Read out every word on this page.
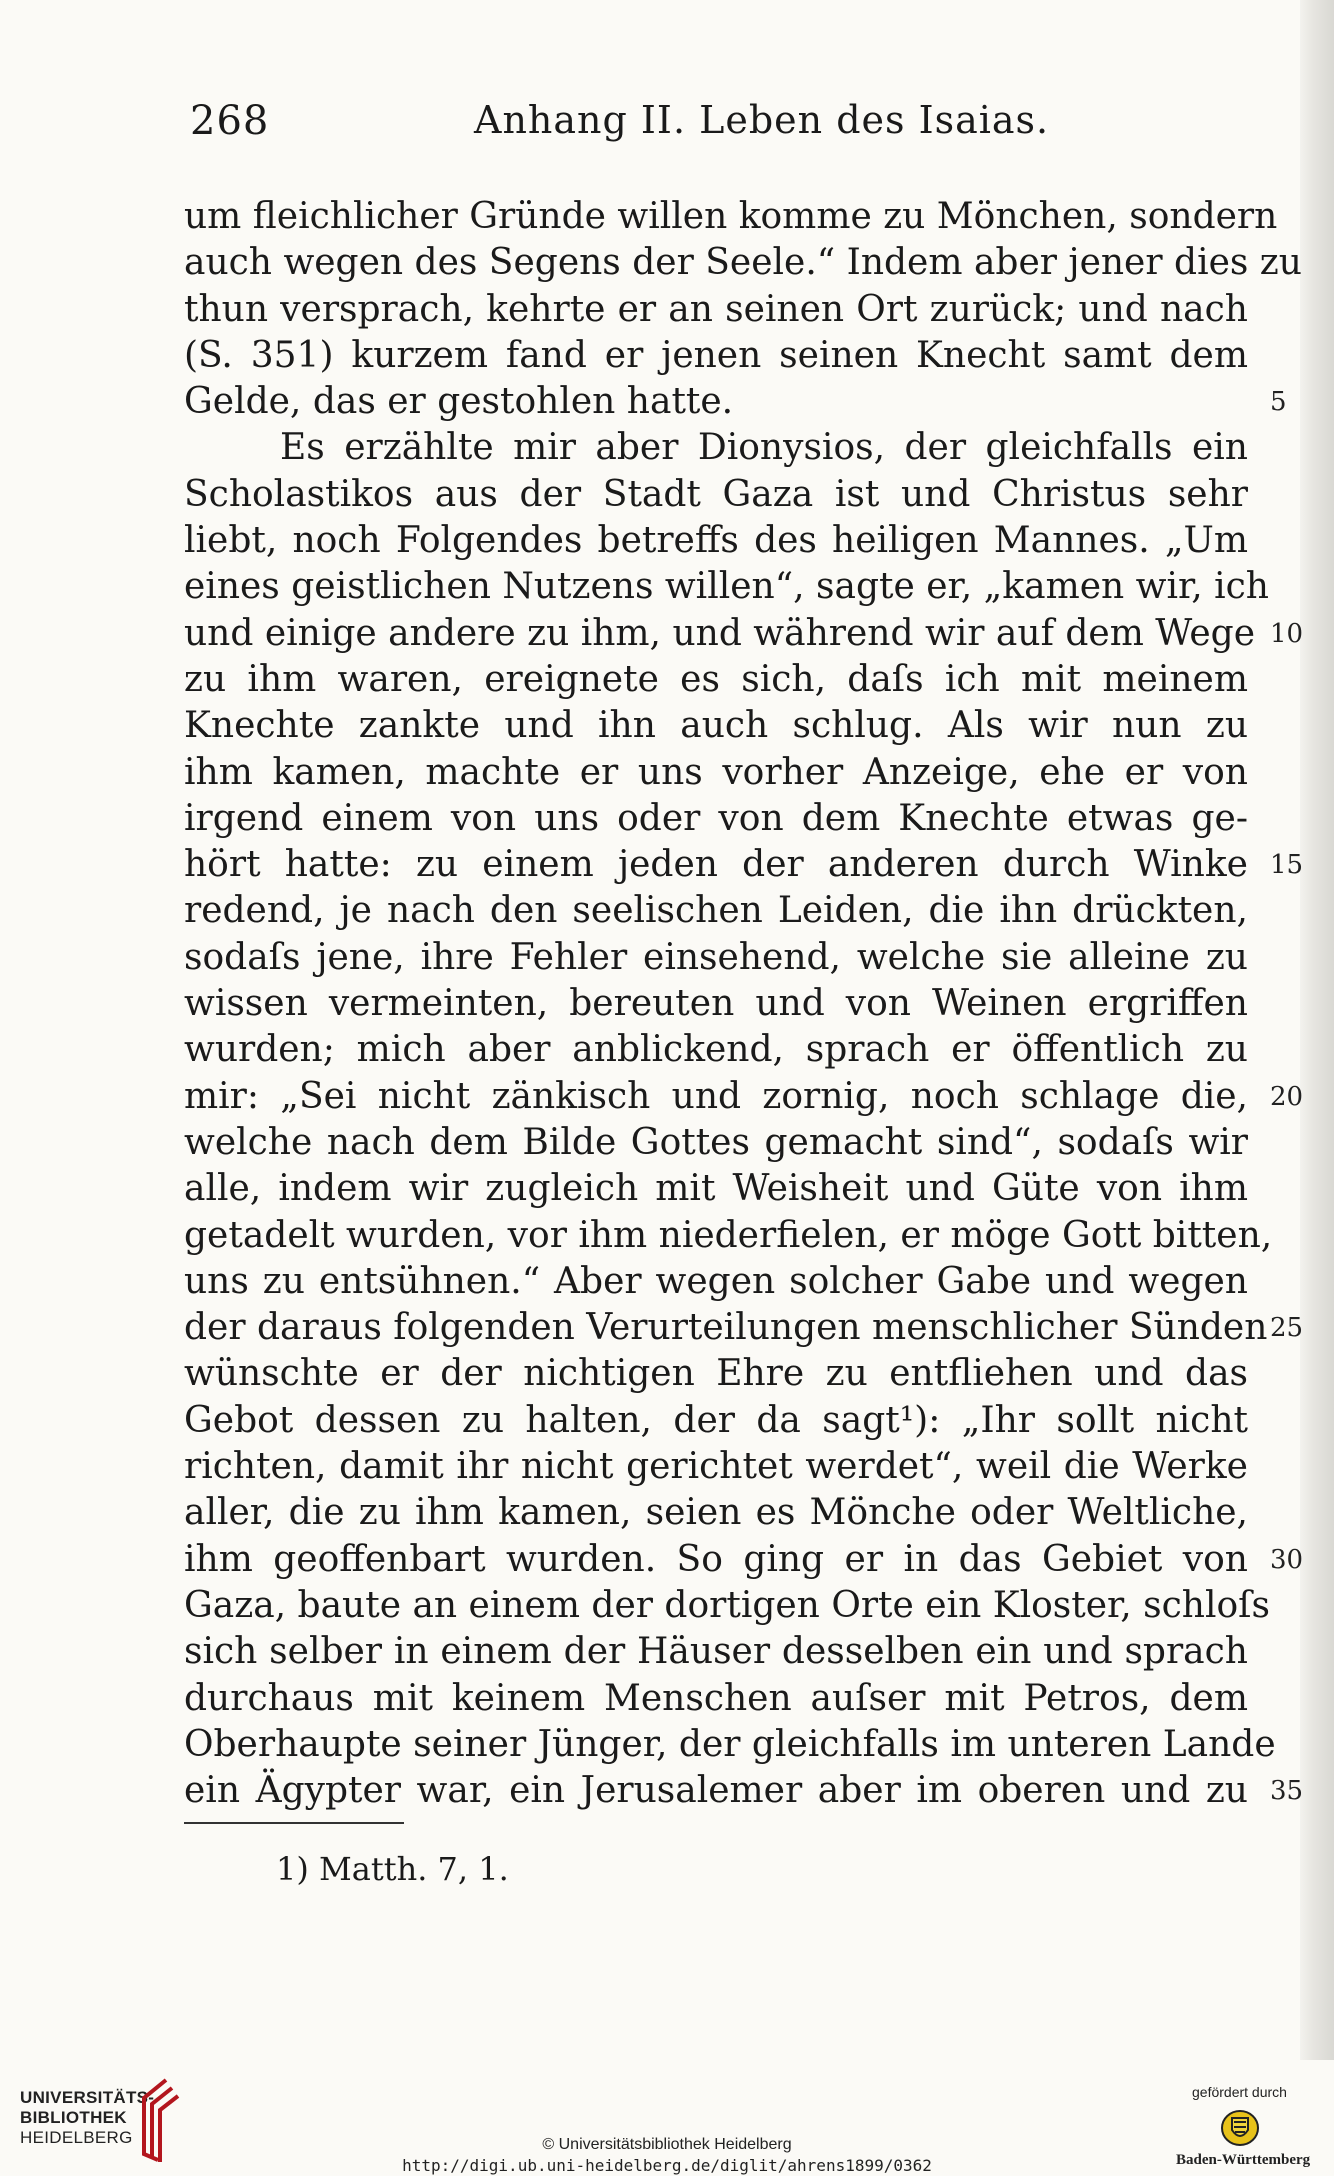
268	Anhang II. Leben des Isaias.
um fleichlicher Gründe willen komme zu Mönchen, sondern
auch wegen des Segens der Seele.“ Indem aber jener dies zu
thun versprach, kehrte er an seinen Ort zurück; und nach
(S. 351) kurzem fand er jenen seinen Knecht samt dem
Gelde, das er gestohlen hatte.	5
Es erzählte mir aber Dionysios, der gleichfalls ein
Scholastikos aus der Stadt Gaza ist und Christus sehr
liebt, noch Folgendes betreffs des heiligen Mannes. „Um
eines geistlichen Nutzens willen“, sagte er, „kamen wir, ich
und einige andere zu ihm, und während wir auf dem Wege 10
zu ihm waren, ereignete es sich, daſs ich mit meinem
Knechte zankte und ihn auch schlug. Als wir nun zu
ihm kamen, machte er uns vorher Anzeige, ehe er von
irgend einem von uns oder von dem Knechte etwas ge-
hört hatte: zu einem jeden der anderen durch Winke 15
redend, je nach den seelischen Leiden, die ihn drückten,
sodaſs jene, ihre Fehler einsehend, welche sie alleine zu
wissen vermeinten, bereuten und von Weinen ergriffen
wurden; mich aber anblickend, sprach er öffentlich zu
mir: „Sei nicht zänkisch und zornig, noch schlage die, 20
welche nach dem Bilde Gottes gemacht sind“, sodaſs wir
alle, indem wir zugleich mit Weisheit und Güte von ihm
getadelt wurden, vor ihm niederfielen, er möge Gott bitten,
uns zu entsühnen.“ Aber wegen solcher Gabe und wegen
der daraus folgenden Verurteilungen menschlicher Sünden 25
wünschte er der nichtigen Ehre zu entfliehen und das
Gebot dessen zu halten, der da sagt¹): „Ihr sollt nicht
richten, damit ihr nicht gerichtet werdet“, weil die Werke
aller, die zu ihm kamen, seien es Mönche oder Weltliche,
ihm geoffenbart wurden. So ging er in das Gebiet von 30
Gaza, baute an einem der dortigen Orte ein Kloster, schloſs
sich selber in einem der Häuser desselben ein und sprach
durchaus mit keinem Menschen auſser mit Petros, dem
Oberhaupte seiner Jünger, der gleichfalls im unteren Lande
ein Ägypter war, ein Jerusalemer aber im oberen und zu 35
1) Matth. 7, 1.
UNIVERSITÄTS-
BIBLIOTHEK
HEIDELBERG	© Universitätsbibliothek Heidelberg
http://digi.ub.uni-heidelberg.de/diglit/ahrens1899/0362
gefördert durch
Baden-Württemberg
